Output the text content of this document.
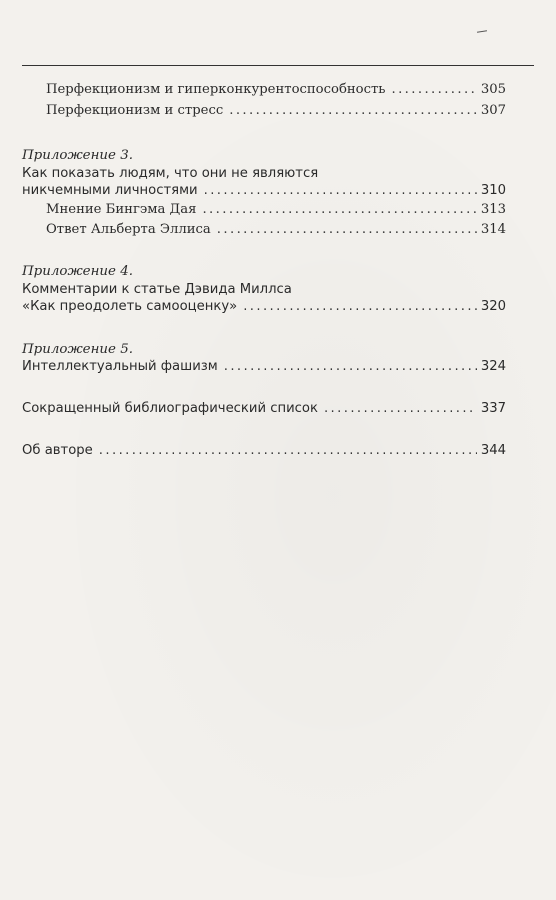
Перфекционизм и гиперконкурентоспособность .....	305
Перфекционизм и стресс .....	307
Приложение 3.
Как показать людям, что они не являются
никчемными личностями .....	310
Мнение Бингэма Дая .....	313
Ответ Альберта Эллиса .....	314
Приложение 4.
Комментарии к статье Дэвида Миллса
«Как преодолеть самооценку» .....	320
Приложение 5.
Интеллектуальный фашизм .....	324
Сокращенный библиографический список .....	337
Об авторе .....	344
